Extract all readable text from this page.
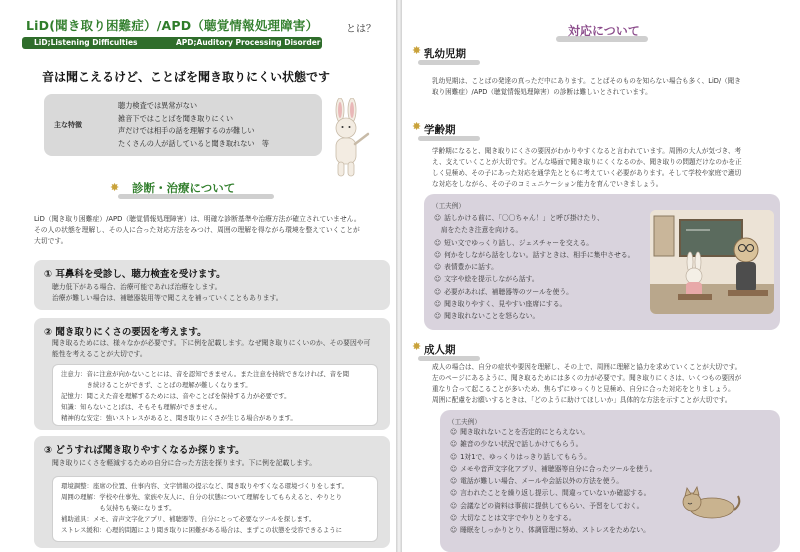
LiD(聞き取り困難症）/APD（聴覚情報処理障害）	とは？
LiD;Listening Difficulties	APD;Auditory Processing Disorder
音は聞こえるけど、ことばを聞き取りにくい状態です
主な特徴
聴力検査では異常がない
雑音下ではことばを聞き取りにくい
声だけでは相手の話を理解するのが難しい
たくさんの人が話していると聞き取れない　等
✸ 診断・治療について
LiD（聞き取り困難症）/APD（聴覚情報処理障害）は、明確な診断基準や治療方法が確立されていません。
その人の状態を理解し、その人に合った対応方法をみつけ、周囲の理解を得ながら環境を整えていくことが
大切です。
① 耳鼻科を受診し、聴力検査を受けます。
聴力低下がある場合、治療可能であれば治療をします。
治療が難しい場合は、補聴器装用等で聞こえを補っていくこともあります。
② 聞き取りにくさの要因を考えます。
聞き取るためには、様々なかが必要です。下に例を記載します。なぜ聞き取りにくいのか、その要因や可
能性を考えることが大切です。
注意力：音に注意が向かないことには、音を認知できません。また注意を持続できなければ、音を聞
　　　　き続けることができず、ことばの理解が難しくなります。
記憶力：聞こえた音を理解するためには、音やことばを保持する力が必要です。
知識：知らないことばは、そもそも理解ができません。
精神的な安定：強いストレスがあると、聞き取りにくさが生じる場合があります。
③ どうすれば聞き取りやすくなるか探ります。
聞き取りにくさを軽減するための自分に合った方法を探ります。下に例を記載します。
環境調整：座席の位置、仕事内容、文字情報の提示など、聞き取りやすくなる環境づくりをします。
周囲の理解：学校や仕事先、家族や友人に、自分の状態について理解をしてもらえると、やりとり
　　　　　　も気持ちも楽になります。
補助道具：メモ、音声文字化アプリ、補聴器等、自分にとって必要なツールを探します。
ストレス緩和：心理的問題により聞き取りに困難がある場合は、まずこの状態を受容できるように
対応について
✸ 乳幼児期
乳幼児期は、ことばの発達の真っただ中にあります。ことばそのものを知らない場合も多く、LiD/（聞き
取り困難症）/APD（聴覚情報処理障害）の診断は難しいとされています。
✸ 学齢期
学齢期になると、聞き取りにくさの要因がわかりやすくなると言われています。周囲の大人が気づき、考
え、支えていくことが大切です。どんな場面で聞き取りにくくなるのか、聞き取りの問題だけなのかを正
しく見極め、その子にあった対応を通学先とともに考えていく必要があります。そして学校や家庭で適切
な対応をしながら、その子のコミュニケーション能力を育んでいきましょう。
（工夫例）
☺ 話しかける前に、「〇〇ちゃん！」と呼び掛けたり、
　肩をたたき注意を向ける。
☺ 短い文でゆっくり話し、ジェスチャーを交える。
☺ 何かをしながら話をしない。話すときは、相手に集中させる。
☺ 表情豊かに話す。
☺ 文字や絵を提示しながら話す。
☺ 必要があれば、補聴器等のツールを使う。
☺ 聞き取りやすく、見やすい座席にする。
☺ 聞き取れないことを怒らない。
✸ 成人期
成人の場合は、自分の症状や要因を理解し、その上で、周囲に理解と協力を求めていくことが大切です。
左のページにあるように、聞き取るためには多くの力が必要です。聞き取りにくさは、いくつもの要因が
重なり合って起こることが多いため、焦らずにゆっくりと見極め、自分に合った対応をとりましょう。
周囲に配慮をお願いするときは、「どのように助けてほしいか」具体的な方法を示すことが大切です。
（工夫例）
☺ 聞き取れないことを否定的にとらえない。
☺ 雑音の少ない状況で話しかけてもらう。
☺ 1対1で、ゆっくりはっきり話してもらう。
☺ メモや音声文字化アプリ、補聴器等自分に合ったツールを使う。
☺ 電話が難しい場合、メールや会話以外の方法を使う。
☺ 言われたことを繰り返し提示し、間違っていないか確認する。
☺ 会議などの資料は事前に提供してもらい、予習をしておく。
☺ 大切なことは文字でやりとりをする。
☺ 睡眠をしっかりとり、体調管理に努め、ストレスをためない。
